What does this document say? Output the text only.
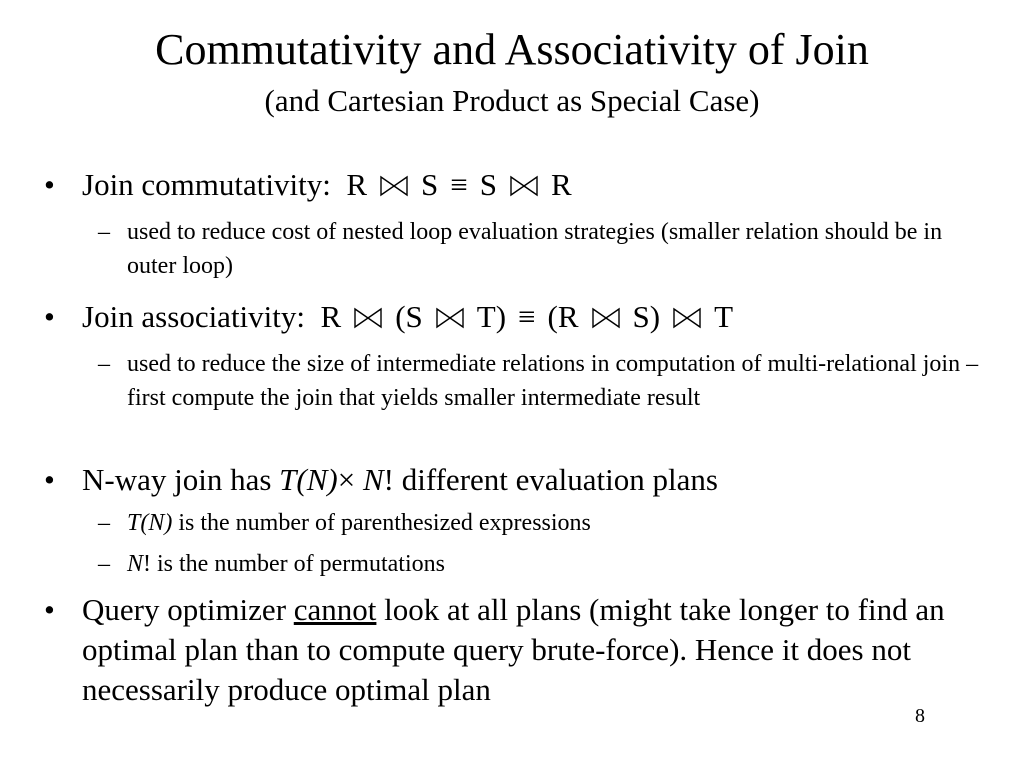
Commutativity and Associativity of Join
(and Cartesian Product as Special Case)
• Join commutativity: R S ≡ S R
– used to reduce cost of nested loop evaluation strategies (smaller relation should be in outer loop)
• Join associativity: R (S T) ≡ (R S) T
– used to reduce the size of intermediate relations in computation of multi-relational join – first compute the join that yields smaller intermediate result
• N-way join has T(N)× N! different evaluation plans
– T(N) is the number of parenthesized expressions
– N! is the number of permutations
• Query optimizer cannot look at all plans (might take longer to find an optimal plan than to compute query brute-force). Hence it does not necessarily produce optimal plan
8
